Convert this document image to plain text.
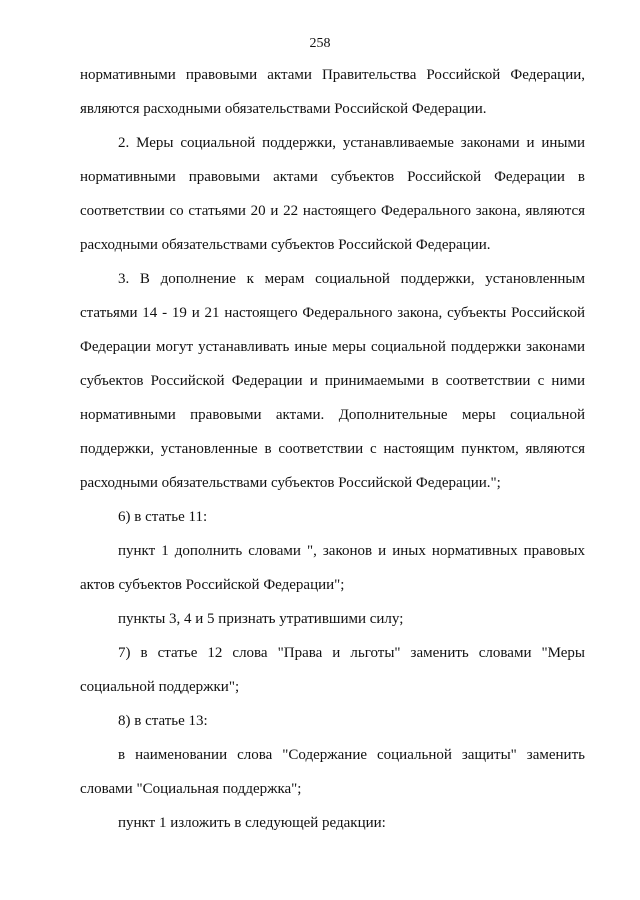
258

нормативными правовыми актами Правительства Российской Федерации, являются расходными обязательствами Российской Федерации.

2. Меры социальной поддержки, устанавливаемые законами и иными нормативными правовыми актами субъектов Российской Федерации в соответствии со статьями 20 и 22 настоящего Федерального закона, являются расходными обязательствами субъектов Российской Федерации.

3. В дополнение к мерам социальной поддержки, установленным статьями 14 - 19 и 21 настоящего Федерального закона, субъекты Российской Федерации могут устанавливать иные меры социальной поддержки законами субъектов Российской Федерации и принимаемыми в соответствии с ними нормативными правовыми актами. Дополнительные меры социальной поддержки, установленные в соответствии с настоящим пунктом, являются расходными обязательствами субъектов Российской Федерации.";

6) в статье 11:

пункт 1 дополнить словами ", законов и иных нормативных правовых актов субъектов Российской Федерации";

пункты 3, 4 и 5 признать утратившими силу;

7) в статье 12 слова "Права и льготы" заменить словами "Меры социальной поддержки";

8) в статье 13:

в наименовании слова "Содержание социальной защиты" заменить словами "Социальная поддержка";

пункт 1 изложить в следующей редакции:
